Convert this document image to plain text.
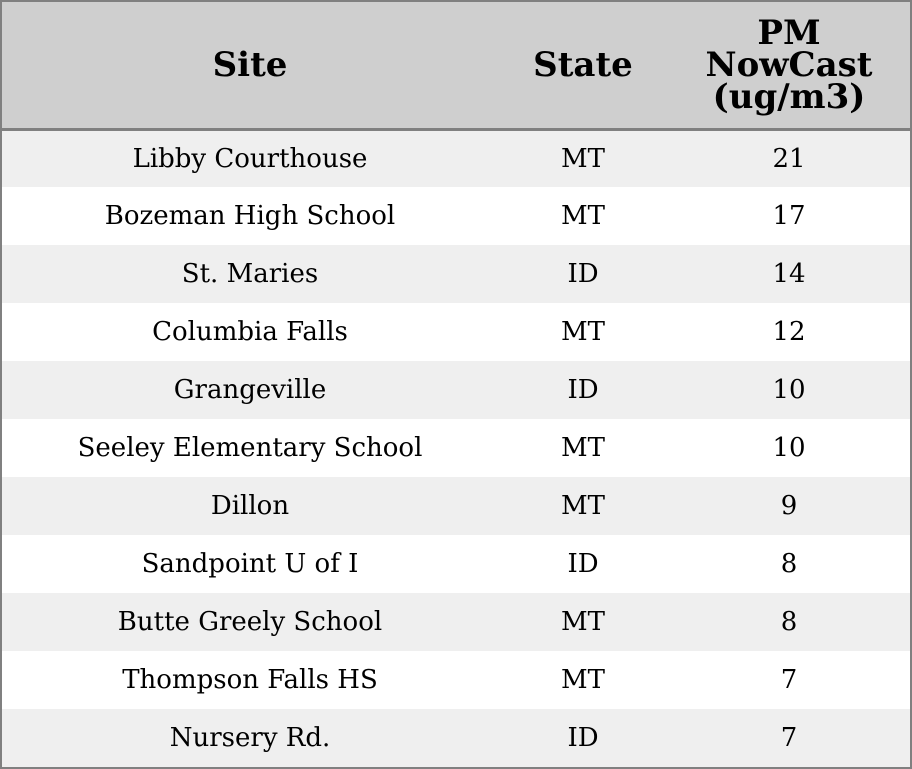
Site	State	PM NowCast (ug/m3)
Libby Courthouse	MT	21
Bozeman High School	MT	17
St. Maries	ID	14
Columbia Falls	MT	12
Grangeville	ID	10
Seeley Elementary School	MT	10
Dillon	MT	9
Sandpoint U of I	ID	8
Butte Greely School	MT	8
Thompson Falls HS	MT	7
Nursery Rd.	ID	7
